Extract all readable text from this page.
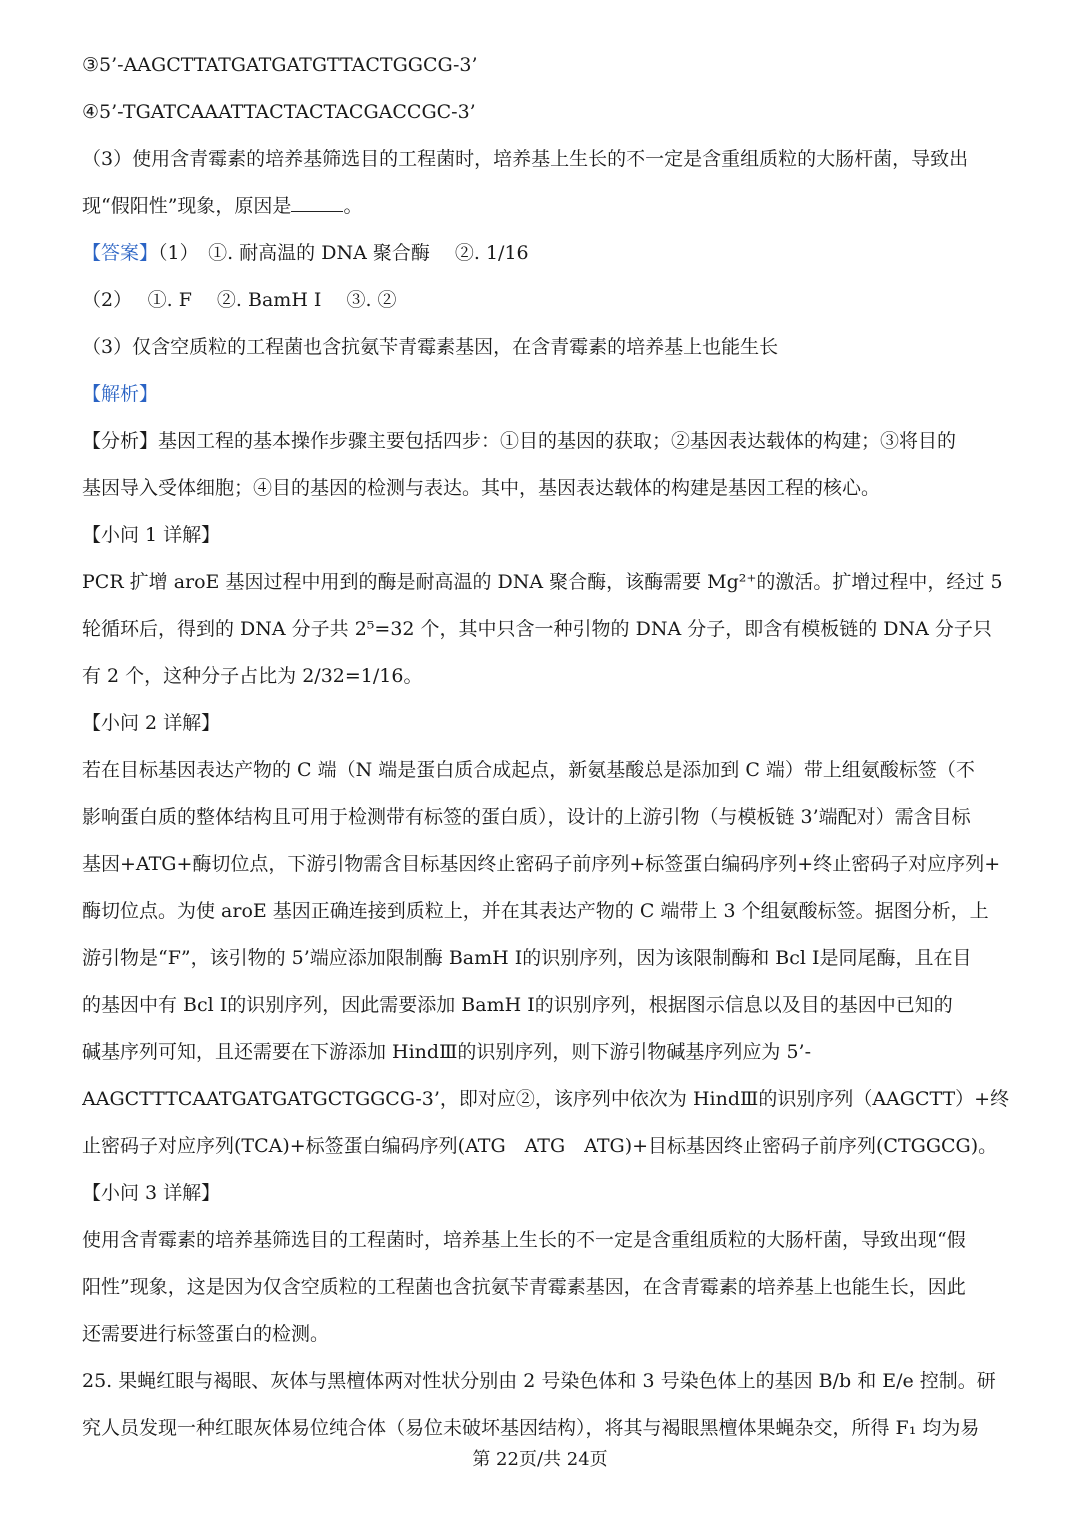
③5’-AAGCTTATGATGATGTTACTGGCG-3’
④5’-TGATCAAATTACTACTACGACCGC-3’
（3）使用含青霉素的培养基筛选目的工程菌时，培养基上生长的不一定是含重组质粒的大肠杆菌，导致出
现“假阳性”现象，原因是	。
【答案】（1）　①. 耐高温的 DNA 聚合酶　 ②. 1/16
（2）　 ①. F　 ②. BamH Ⅰ　 ③. ②
（3）仅含空质粒的工程菌也含抗氨苄青霉素基因，在含青霉素的培养基上也能生长
【解析】
【分析】基因工程的基本操作步骤主要包括四步：①目的基因的获取；②基因表达载体的构建；③将目的
基因导入受体细胞；④目的基因的检测与表达。其中，基因表达载体的构建是基因工程的核心。
【小问 1 详解】
PCR 扩增 aroE 基因过程中用到的酶是耐高温的 DNA 聚合酶，该酶需要 Mg²⁺的激活。扩增过程中，经过 5
轮循环后，得到的 DNA 分子共 2⁵=32 个，其中只含一种引物的 DNA 分子，即含有模板链的 DNA 分子只
有 2 个，这种分子占比为 2/32=1/16。
【小问 2 详解】
若在目标基因表达产物的 C 端（N 端是蛋白质合成起点，新氨基酸总是添加到 C 端）带上组氨酸标签（不
影响蛋白质的整体结构且可用于检测带有标签的蛋白质），设计的上游引物（与模板链 3’端配对）需含目标
基因+ATG+酶切位点，下游引物需含目标基因终止密码子前序列+标签蛋白编码序列+终止密码子对应序列+
酶切位点。为使 aroE 基因正确连接到质粒上，并在其表达产物的 C 端带上 3 个组氨酸标签。据图分析，上
游引物是“F”，该引物的 5’端应添加限制酶 BamH Ⅰ的识别序列，因为该限制酶和 Bcl Ⅰ是同尾酶，且在目
的基因中有 Bcl Ⅰ的识别序列，因此需要添加 BamH Ⅰ的识别序列，根据图示信息以及目的基因中已知的
碱基序列可知，且还需要在下游添加 HindⅢ的识别序列，则下游引物碱基序列应为 5’-
AAGCTTTCAATGATGATGCTGGCG-3’，即对应②，该序列中依次为 HindⅢ的识别序列（AAGCTT）+终
止密码子对应序列(TCA)+标签蛋白编码序列(ATG　ATG　ATG)+目标基因终止密码子前序列(CTGGCG)。
【小问 3 详解】
使用含青霉素的培养基筛选目的工程菌时，培养基上生长的不一定是含重组质粒的大肠杆菌，导致出现“假
阳性”现象，这是因为仅含空质粒的工程菌也含抗氨苄青霉素基因，在含青霉素的培养基上也能生长，因此
还需要进行标签蛋白的检测。
25. 果蝇红眼与褐眼、灰体与黑檀体两对性状分别由 2 号染色体和 3 号染色体上的基因 B/b 和 E/e 控制。研
究人员发现一种红眼灰体易位纯合体（易位未破坏基因结构），将其与褐眼黑檀体果蝇杂交，所得 F₁ 均为易
第 22页/共 24页
